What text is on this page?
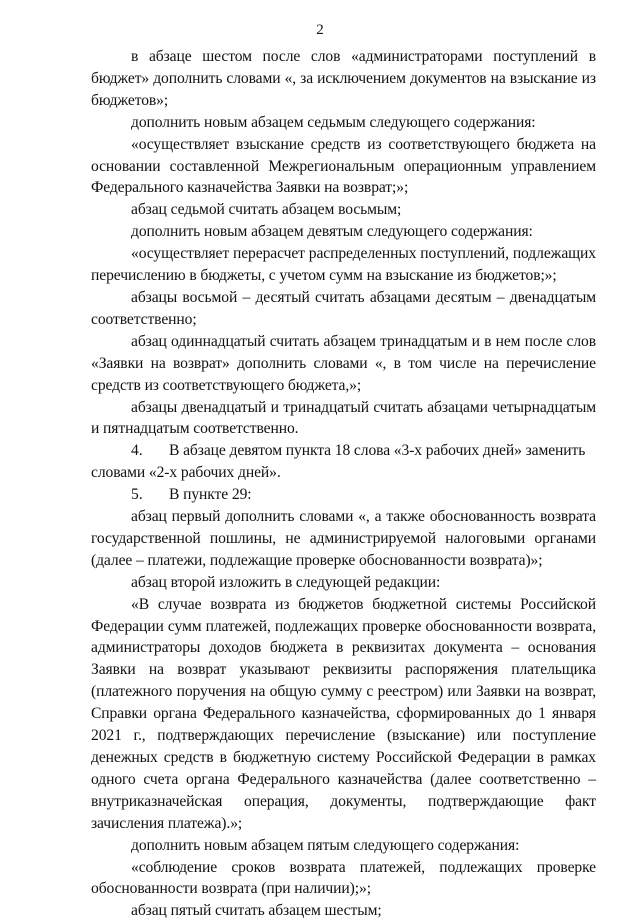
2

в абзаце шестом после слов «администраторами поступлений в бюджет» дополнить словами «, за исключением документов на взыскание из бюджетов»;

дополнить новым абзацем седьмым следующего содержания:

«осуществляет взыскание средств из соответствующего бюджета на основании составленной Межрегиональным операционным управлением Федерального казначейства Заявки на возврат;»;

абзац седьмой считать абзацем восьмым;

дополнить новым абзацем девятым следующего содержания:

«осуществляет перерасчет распределенных поступлений, подлежащих перечислению в бюджеты, с учетом сумм на взыскание из бюджетов;»;

абзацы восьмой – десятый считать абзацами десятым – двенадцатым соответственно;

абзац одиннадцатый считать абзацем тринадцатым и в нем после слов «Заявки на возврат» дополнить словами «, в том числе на перечисление средств из соответствующего бюджета,»;

абзацы двенадцатый и тринадцатый считать абзацами четырнадцатым и пятнадцатым соответственно.

4.	В абзаце девятом пункта 18 слова «3-х рабочих дней» заменить
словами «2-х рабочих дней».
5.	В пункте 29:

абзац первый дополнить словами «, а также обоснованность возврата государственной пошлины, не администрируемой налоговыми органами (далее – платежи, подлежащие проверке обоснованности возврата)»;

абзац второй изложить в следующей редакции:

«В случае возврата из бюджетов бюджетной системы Российской Федерации сумм платежей, подлежащих проверке обоснованности возврата, администраторы доходов бюджета в реквизитах документа – основания Заявки на возврат указывают реквизиты распоряжения плательщика (платежного поручения на общую сумму с реестром) или Заявки на возврат, Справки органа Федерального казначейства, сформированных до 1 января 2021 г., подтверждающих перечисление (взыскание) или поступление денежных средств в бюджетную систему Российской Федерации в рамках одного счета органа Федерального казначейства (далее соответственно – внутриказначейская операция, документы, подтверждающие факт зачисления платежа).»;

дополнить новым абзацем пятым следующего содержания:

«соблюдение сроков возврата платежей, подлежащих проверке обоснованности возврата (при наличии);»;

абзац пятый считать абзацем шестым;
